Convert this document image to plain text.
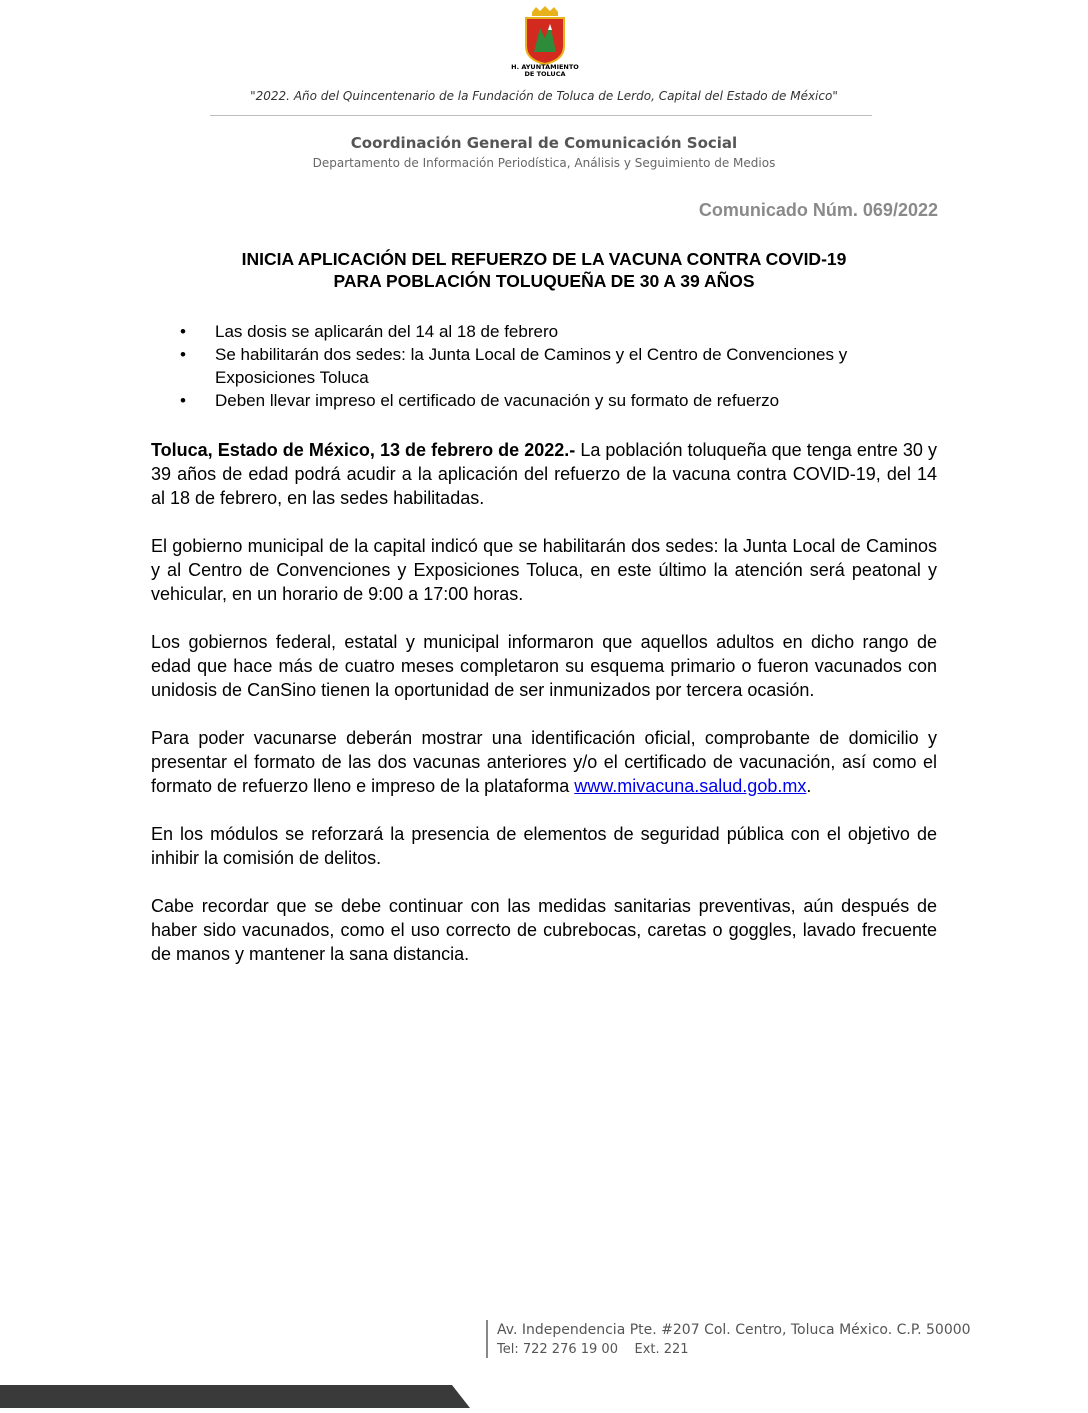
H. AYUNTAMIENTO
DE TOLUCA
"2022. Año del Quincentenario de la Fundación de Toluca de Lerdo, Capital del Estado de México"
Coordinación General de Comunicación Social
Departamento de Información Periodística, Análisis y Seguimiento de Medios
Comunicado Núm. 069/2022
INICIA APLICACIÓN DEL REFUERZO DE LA VACUNA CONTRA COVID-19
PARA POBLACIÓN TOLUQUEÑA DE 30 A 39 AÑOS
• Las dosis se aplicarán del 14 al 18 de febrero
• Se habilitarán dos sedes: la Junta Local de Caminos y el Centro de Convenciones y Exposiciones Toluca
• Deben llevar impreso el certificado de vacunación y su formato de refuerzo

Toluca, Estado de México, 13 de febrero de 2022.- La población toluqueña que tenga entre 30 y 39 años de edad podrá acudir a la aplicación del refuerzo de la vacuna contra COVID-19, del 14 al 18 de febrero, en las sedes habilitadas.

El gobierno municipal de la capital indicó que se habilitarán dos sedes: la Junta Local de Caminos y al Centro de Convenciones y Exposiciones Toluca, en este último la atención será peatonal y vehicular, en un horario de 9:00 a 17:00 horas.

Los gobiernos federal, estatal y municipal informaron que aquellos adultos en dicho rango de edad que hace más de cuatro meses completaron su esquema primario o fueron vacunados con unidosis de CanSino tienen la oportunidad de ser inmunizados por tercera ocasión.

Para poder vacunarse deberán mostrar una identificación oficial, comprobante de domicilio y presentar el formato de las dos vacunas anteriores y/o el certificado de vacunación, así como el formato de refuerzo lleno e impreso de la plataforma www.mivacuna.salud.gob.mx.

En los módulos se reforzará la presencia de elementos de seguridad pública con el objetivo de inhibir la comisión de delitos.

Cabe recordar que se debe continuar con las medidas sanitarias preventivas, aún después de haber sido vacunados, como el uso correcto de cubrebocas, caretas o goggles, lavado frecuente de manos y mantener la sana distancia.

Av. Independencia Pte. #207 Col. Centro, Toluca México. C.P. 50000
Tel: 722 276 19 00    Ext. 221
